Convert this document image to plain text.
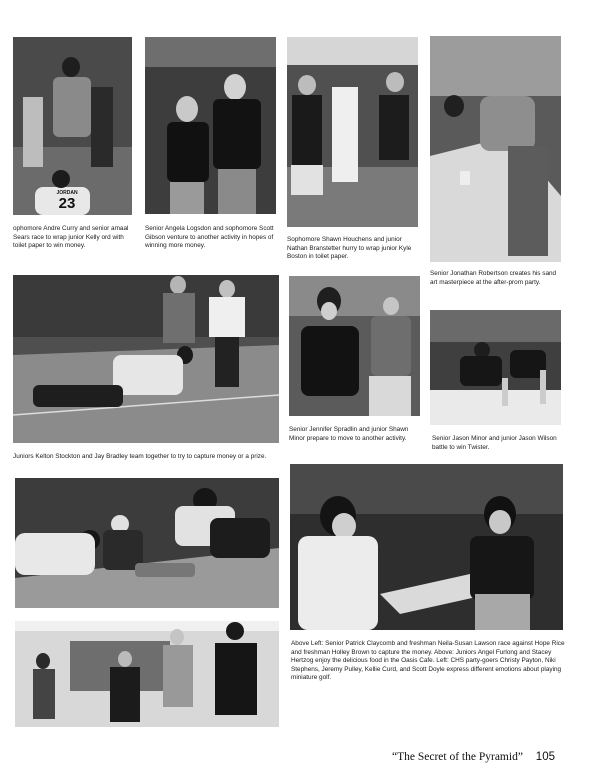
JORDAN
23

ophomore Andre Curry and senior amaal Sears race to wrap junior Kelly ord with toilet paper to win money.

Senior Angela Logsdon and sophomore Scott Gibson venture to another activity in hopes of winning more money.

Sophomore Shawn Houchens and junior Nathan Branstetter hurry to wrap junior Kyle Boston in toilet paper.

Senior Jonathan Robertson creates his sand art masterpiece at the after-prom party.

Juniors Kelton Stockton and Jay Bradley team together to try to capture money or a prize.

Senior Jennifer Spradlin and junior Shawn Minor prepare to move to another activity.	Senior Jason Minor and junior Jason Wilson battle to win Twister.

Above Left: Senior Patrick Claycomb and freshman Neila-Susan Lawson race against Hope Rice and freshman Holley Brown to capture the money. Above: Juniors Angel Furlong and Stacey Hertzog enjoy the delicious food in the Oasis Cafe. Left: CHS party-goers Christy Payton, Niki Stephens, Jeremy Pulley, Kellie Curd, and Scott Doyle express different emotions about playing miniature golf.

“The Secret of the Pyramid” 105
